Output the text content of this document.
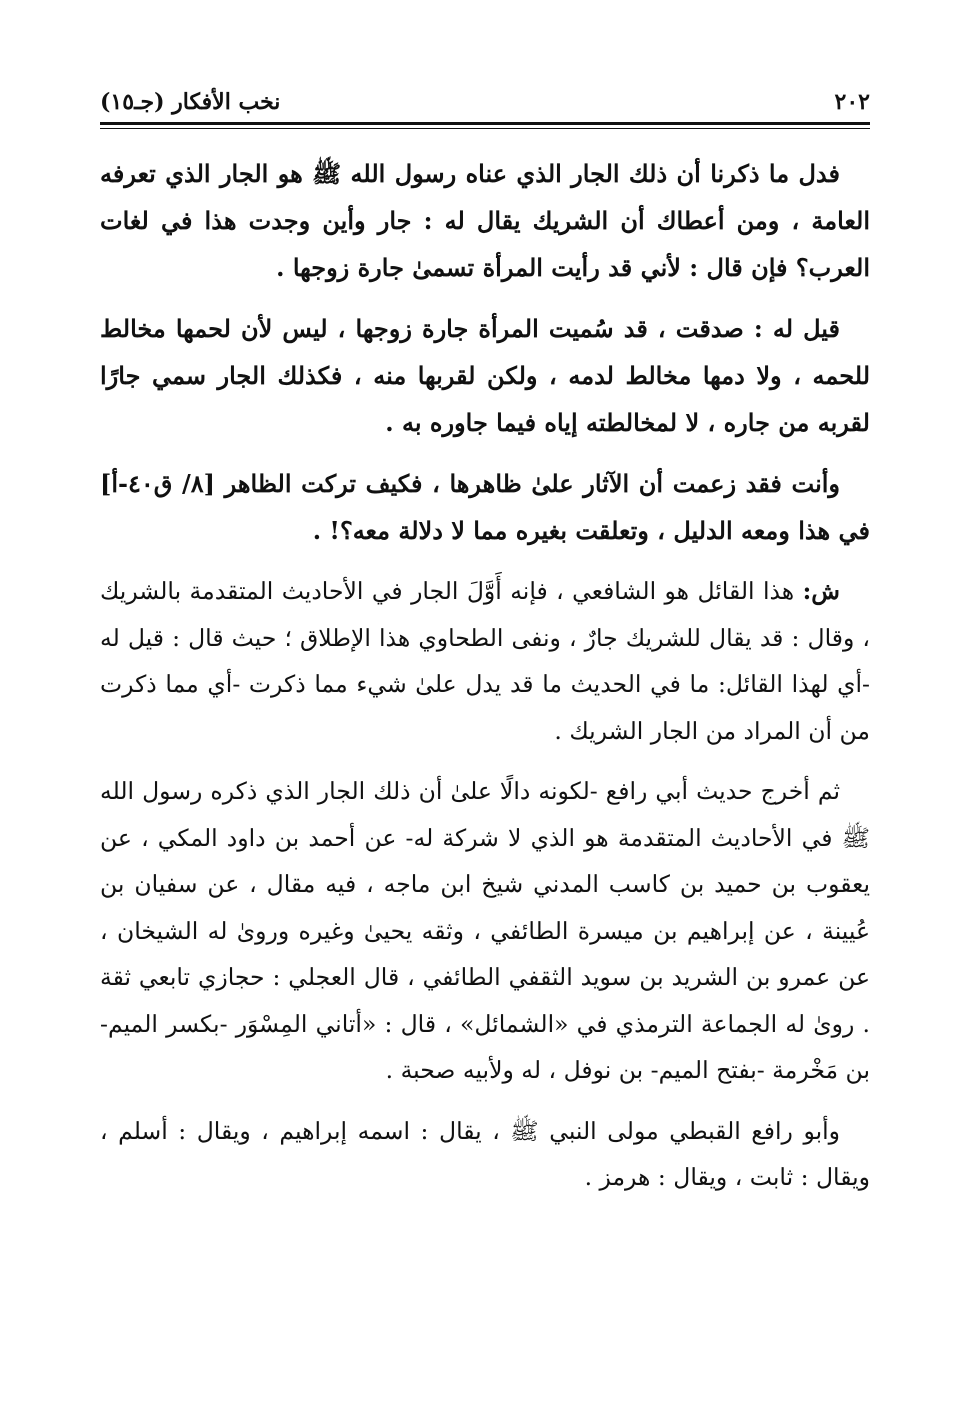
٢٠٢
نخب الأفكار (جـ١٥)

فدل ما ذكرنا أن ذلك الجار الذي عناه رسول الله ﷺ هو الجار الذي تعرفه العامة ، ومن أعطاك أن الشريك يقال له : جار وأين وجدت هذا في لغات العرب؟ فإن قال : لأني قد رأيت المرأة تسمىٰ جارة زوجها .

قيل له : صدقت ، قد سُميت المرأة جارة زوجها ، ليس لأن لحمها مخالط للحمه ، ولا دمها مخالط لدمه ، ولكن لقربها منه ، فكذلك الجار سمي جارًا لقربه من جاره ، لا لمخالطته إياه فيما جاوره به .

وأنت فقد زعمت أن الآثار علىٰ ظاهرها ، فكيف تركت الظاهر [٨/ ق٤٠-أ] في هذا ومعه الدليل ، وتعلقت بغيره مما لا دلالة معه؟! .

ش: هذا القائل هو الشافعي ، فإنه أَوَّلَ الجار في الأحاديث المتقدمة بالشريك ، وقال : قد يقال للشريك جارٌ ، ونفى الطحاوي هذا الإطلاق ؛ حيث قال : قيل له -أي لهذا القائل: ما في الحديث ما قد يدل علىٰ شيء مما ذكرت -أي مما ذكرت من أن المراد من الجار الشريك .

ثم أخرج حديث أبي رافع -لكونه دالًا علىٰ أن ذلك الجار الذي ذكره رسول الله ﷺ في الأحاديث المتقدمة هو الذي لا شركة له- عن أحمد بن داود المكي ، عن يعقوب بن حميد بن كاسب المدني شيخ ابن ماجه ، فيه مقال ، عن سفيان بن عُيينة ، عن إبراهيم بن ميسرة الطائفي ، وثقه يحيىٰ وغيره وروىٰ له الشيخان ، عن عمرو بن الشريد بن سويد الثقفي الطائفي ، قال العجلي : حجازي تابعي ثقة . روىٰ له الجماعة الترمذي في «الشمائل» ، قال : «أتاني المِسْوَر -بكسر الميم- بن مَخْرمة -بفتح الميم- بن نوفل ، له ولأبيه صحبة .

وأبو رافع القبطي مولى النبي ﷺ ، يقال : اسمه إبراهيم ، ويقال : أسلم ، ويقال : ثابت ، ويقال : هرمز .
